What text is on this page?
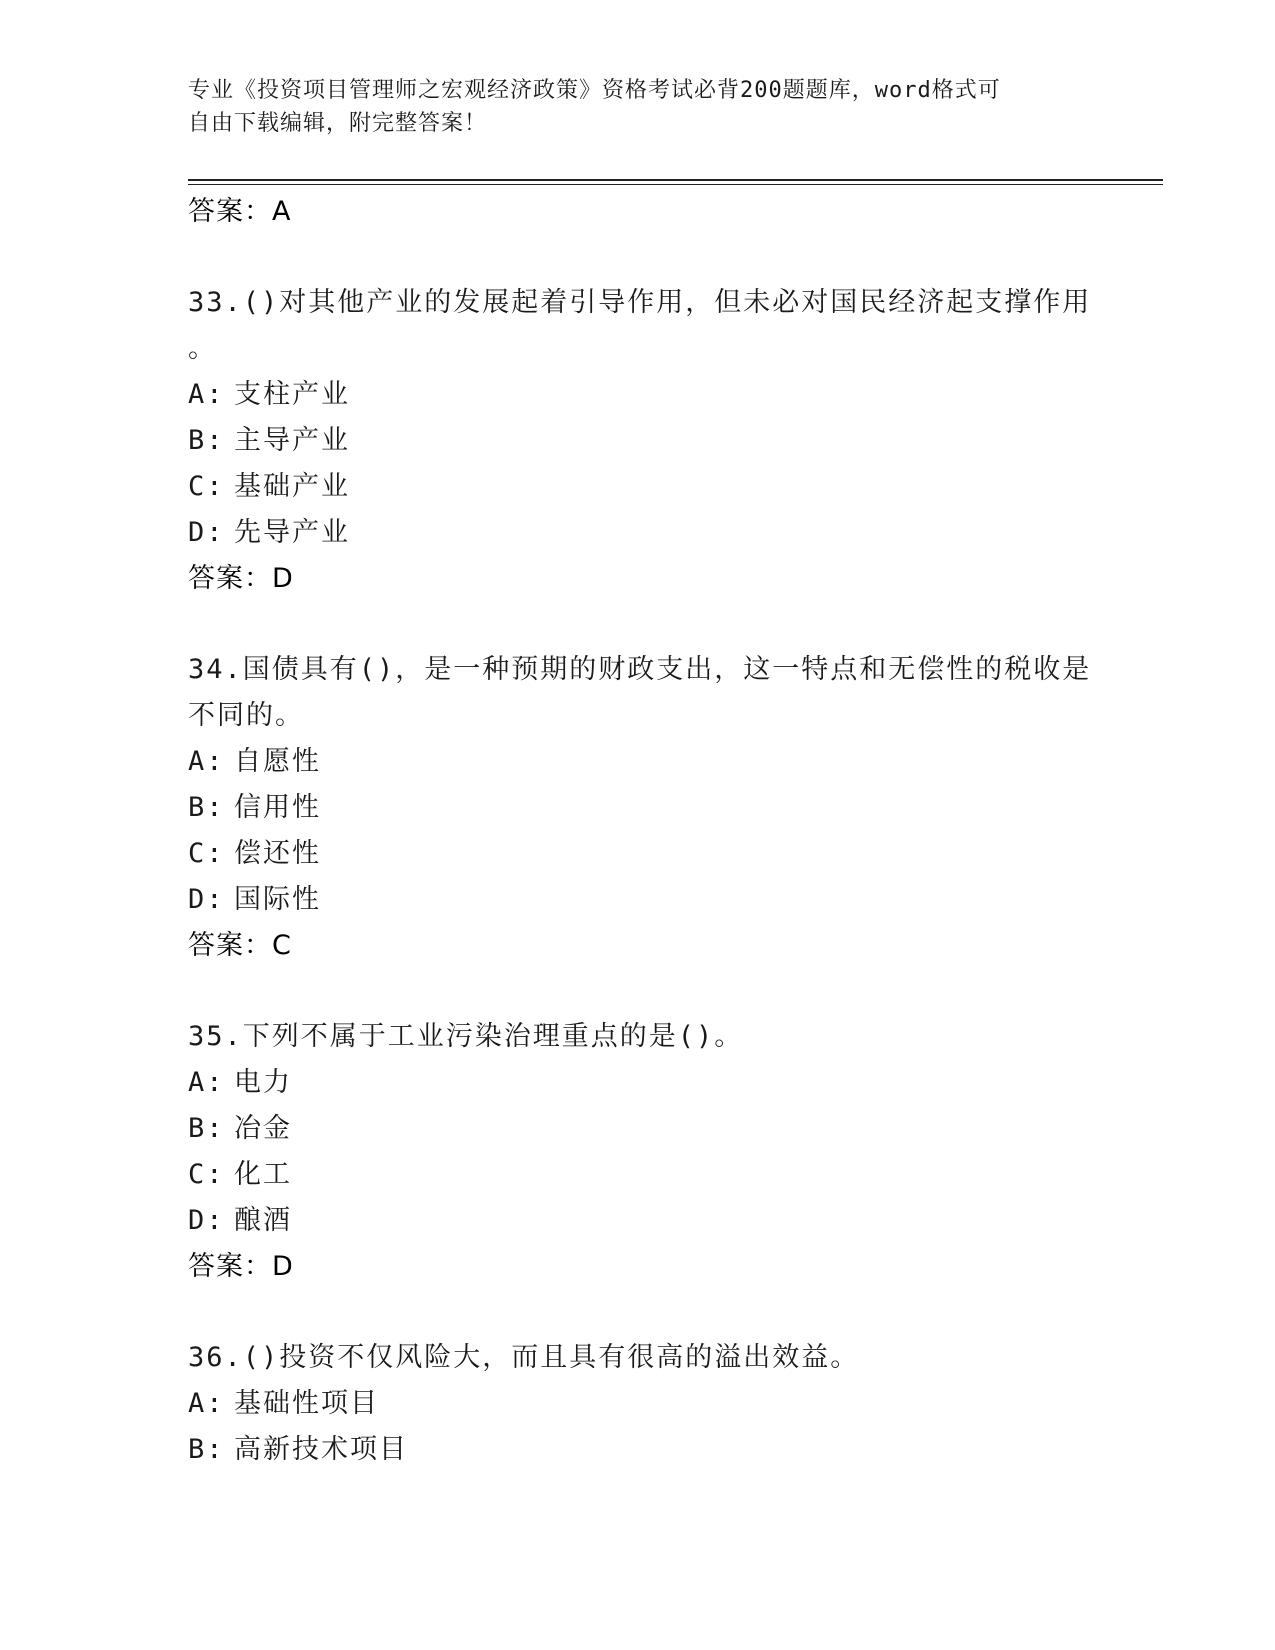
专业《投资项目管理师之宏观经济政策》资格考试必背200题题库，word格式可
自由下载编辑，附完整答案！
答案：A
33.()对其他产业的发展起着引导作用，但未必对国民经济起支撑作用
。
A: 支柱产业
B: 主导产业
C: 基础产业
D: 先导产业
答案：D
34.国债具有()，是一种预期的财政支出，这一特点和无偿性的税收是
不同的。
A: 自愿性
B: 信用性
C: 偿还性
D: 国际性
答案：C
35.下列不属于工业污染治理重点的是()。
A: 电力
B: 冶金
C: 化工
D: 酿酒
答案：D
36.()投资不仅风险大，而且具有很高的溢出效益。
A: 基础性项目
B: 高新技术项目
